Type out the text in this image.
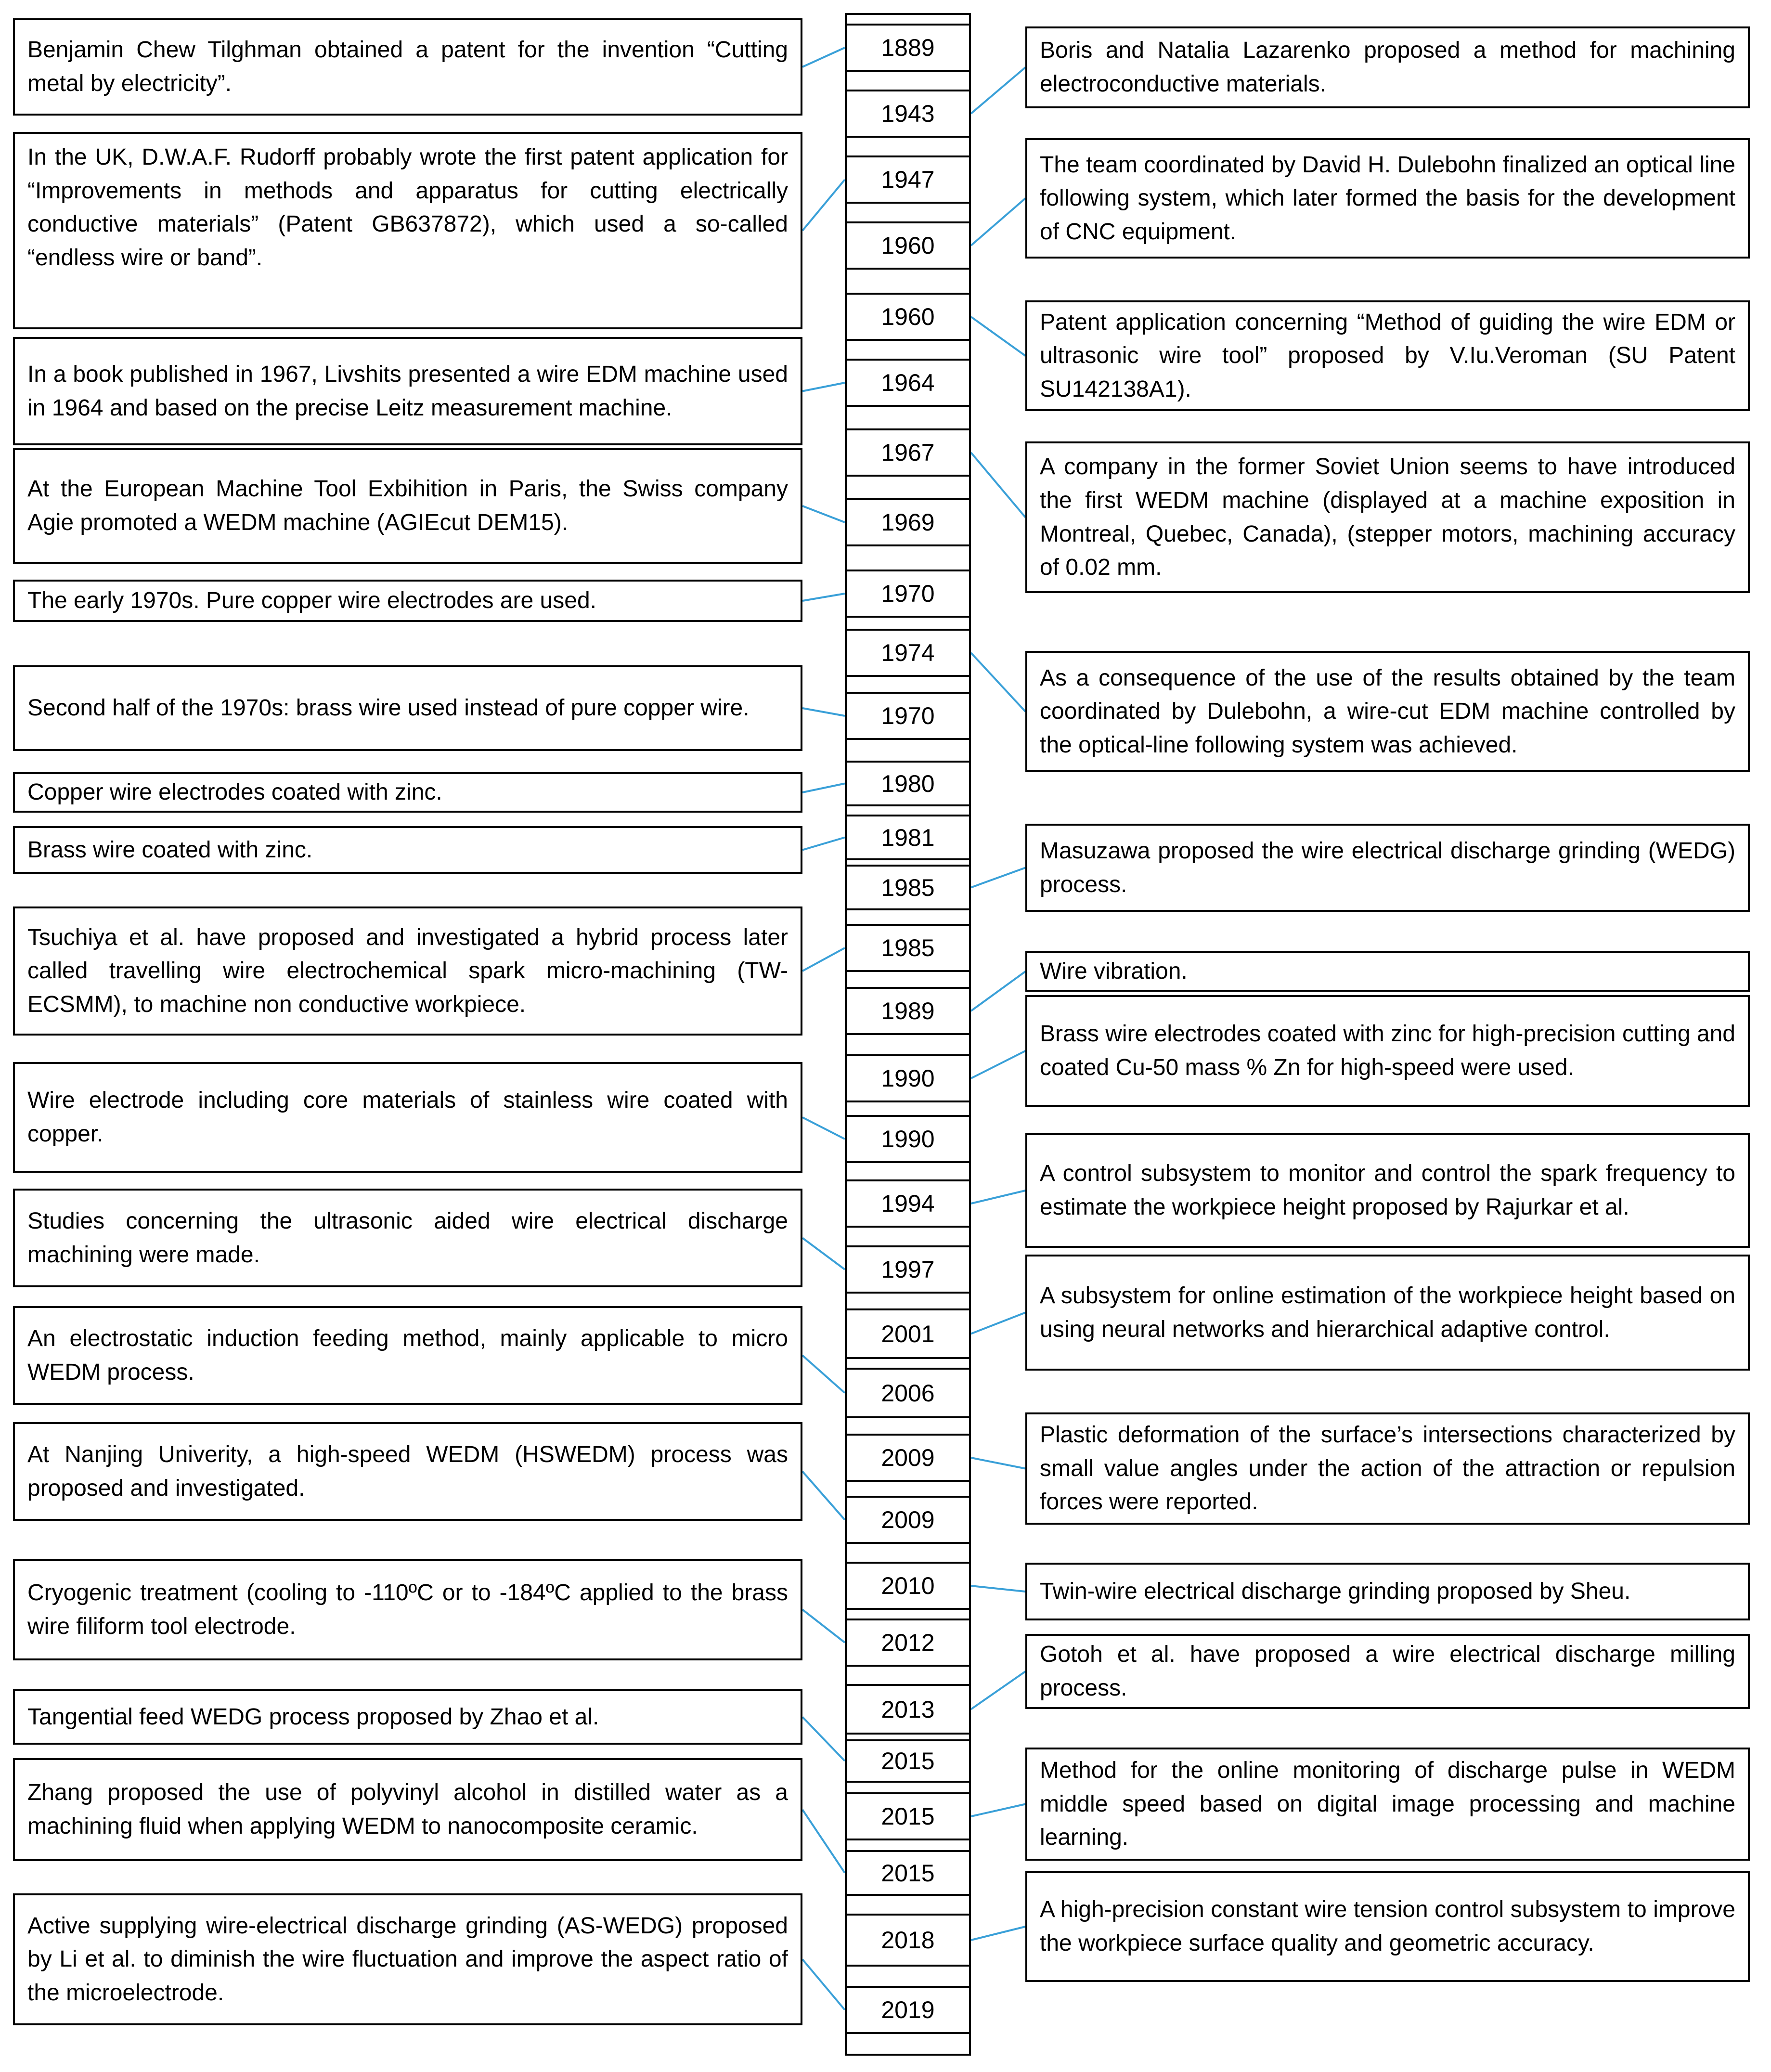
1889
1943
1947
1960
1960
1964
1967
1969
1970
1974
1970
1980
1981
1985
1985
1989
1990
1990
1994
1997
2001
2006
2009
2009
2010
2012
2013
2015
2015
2015
2018
2019
Benjamin Chew Tilghman obtained a patent for the invention “Cutting metal by electricity”.
In the UK, D.W.A.F. Rudorff probably wrote the first patent application for “Improvements in methods and apparatus for cutting electrically conductive materials” (Patent GB637872), which used a so-called “endless wire or band”.
In a book published in 1967, Livshits presented a wire EDM machine used in 1964 and based on the precise Leitz measurement machine.
At the European Machine Tool Exbihition in Paris, the Swiss company Agie promoted a WEDM machine (AGIEcut DEM15).
The early 1970s. Pure copper wire electrodes are used.
Second half of the 1970s: brass wire used instead of pure copper wire.
Copper wire electrodes coated with zinc.
Brass wire coated with zinc.
Tsuchiya et al. have proposed and investigated a hybrid process later called travelling wire electrochemical spark micro-machining (TW-ECSMM), to machine non conductive workpiece.
Wire electrode including core materials of stainless wire coated with copper.
Studies concerning the ultrasonic aided wire electrical discharge machining were made.
An electrostatic induction feeding method, mainly applicable to micro WEDM process.
At Nanjing Univerity, a high-speed WEDM (HSWEDM) process was proposed and investigated.
Cryogenic treatment (cooling to -110ºC or to -184ºC applied to the brass wire filiform tool electrode.
Tangential feed WEDG process proposed by Zhao et al.
Zhang proposed the use of polyvinyl alcohol in distilled water as a machining fluid when applying WEDM to nanocomposite ceramic.
Active supplying wire-electrical discharge grinding (AS-WEDG) proposed by Li et al. to diminish the wire fluctuation and improve the aspect ratio of the microelectrode.
Boris and Natalia Lazarenko proposed a method for machining electroconductive materials.
The team coordinated by David H. Dulebohn finalized an optical line following system, which later formed the basis for the development of CNC equipment.
Patent application concerning “Method of guiding the wire EDM or ultrasonic wire tool” proposed by V.Iu.Veroman (SU Patent SU142138A1).
A company in the former Soviet Union seems to have introduced the first WEDM machine (displayed at a machine exposition in Montreal, Quebec, Canada), (stepper motors, machining accuracy of 0.02 mm.
As a consequence of the use of the results obtained by the team coordinated by Dulebohn, a wire-cut EDM machine controlled by the optical-line following system was achieved.
Masuzawa proposed the wire electrical discharge grinding (WEDG) process.
Wire vibration.
Brass wire electrodes coated with zinc for high-precision cutting and coated Cu-50 mass % Zn for high-speed were used.
A control subsystem to monitor and control the spark frequency to estimate the workpiece height proposed by Rajurkar et al.
A subsystem for online estimation of the workpiece height based on using neural networks and hierarchical adaptive control.
Plastic deformation of the surface’s intersections characterized by small value angles under the action of the attraction or repulsion forces were reported.
Twin-wire electrical discharge grinding proposed by Sheu.
Gotoh et al. have proposed a wire electrical discharge milling process.
Method for the online monitoring of discharge pulse in WEDM middle speed based on digital image processing and machine learning.
A high-precision constant wire tension control subsystem to improve the workpiece surface quality and geometric accuracy.
